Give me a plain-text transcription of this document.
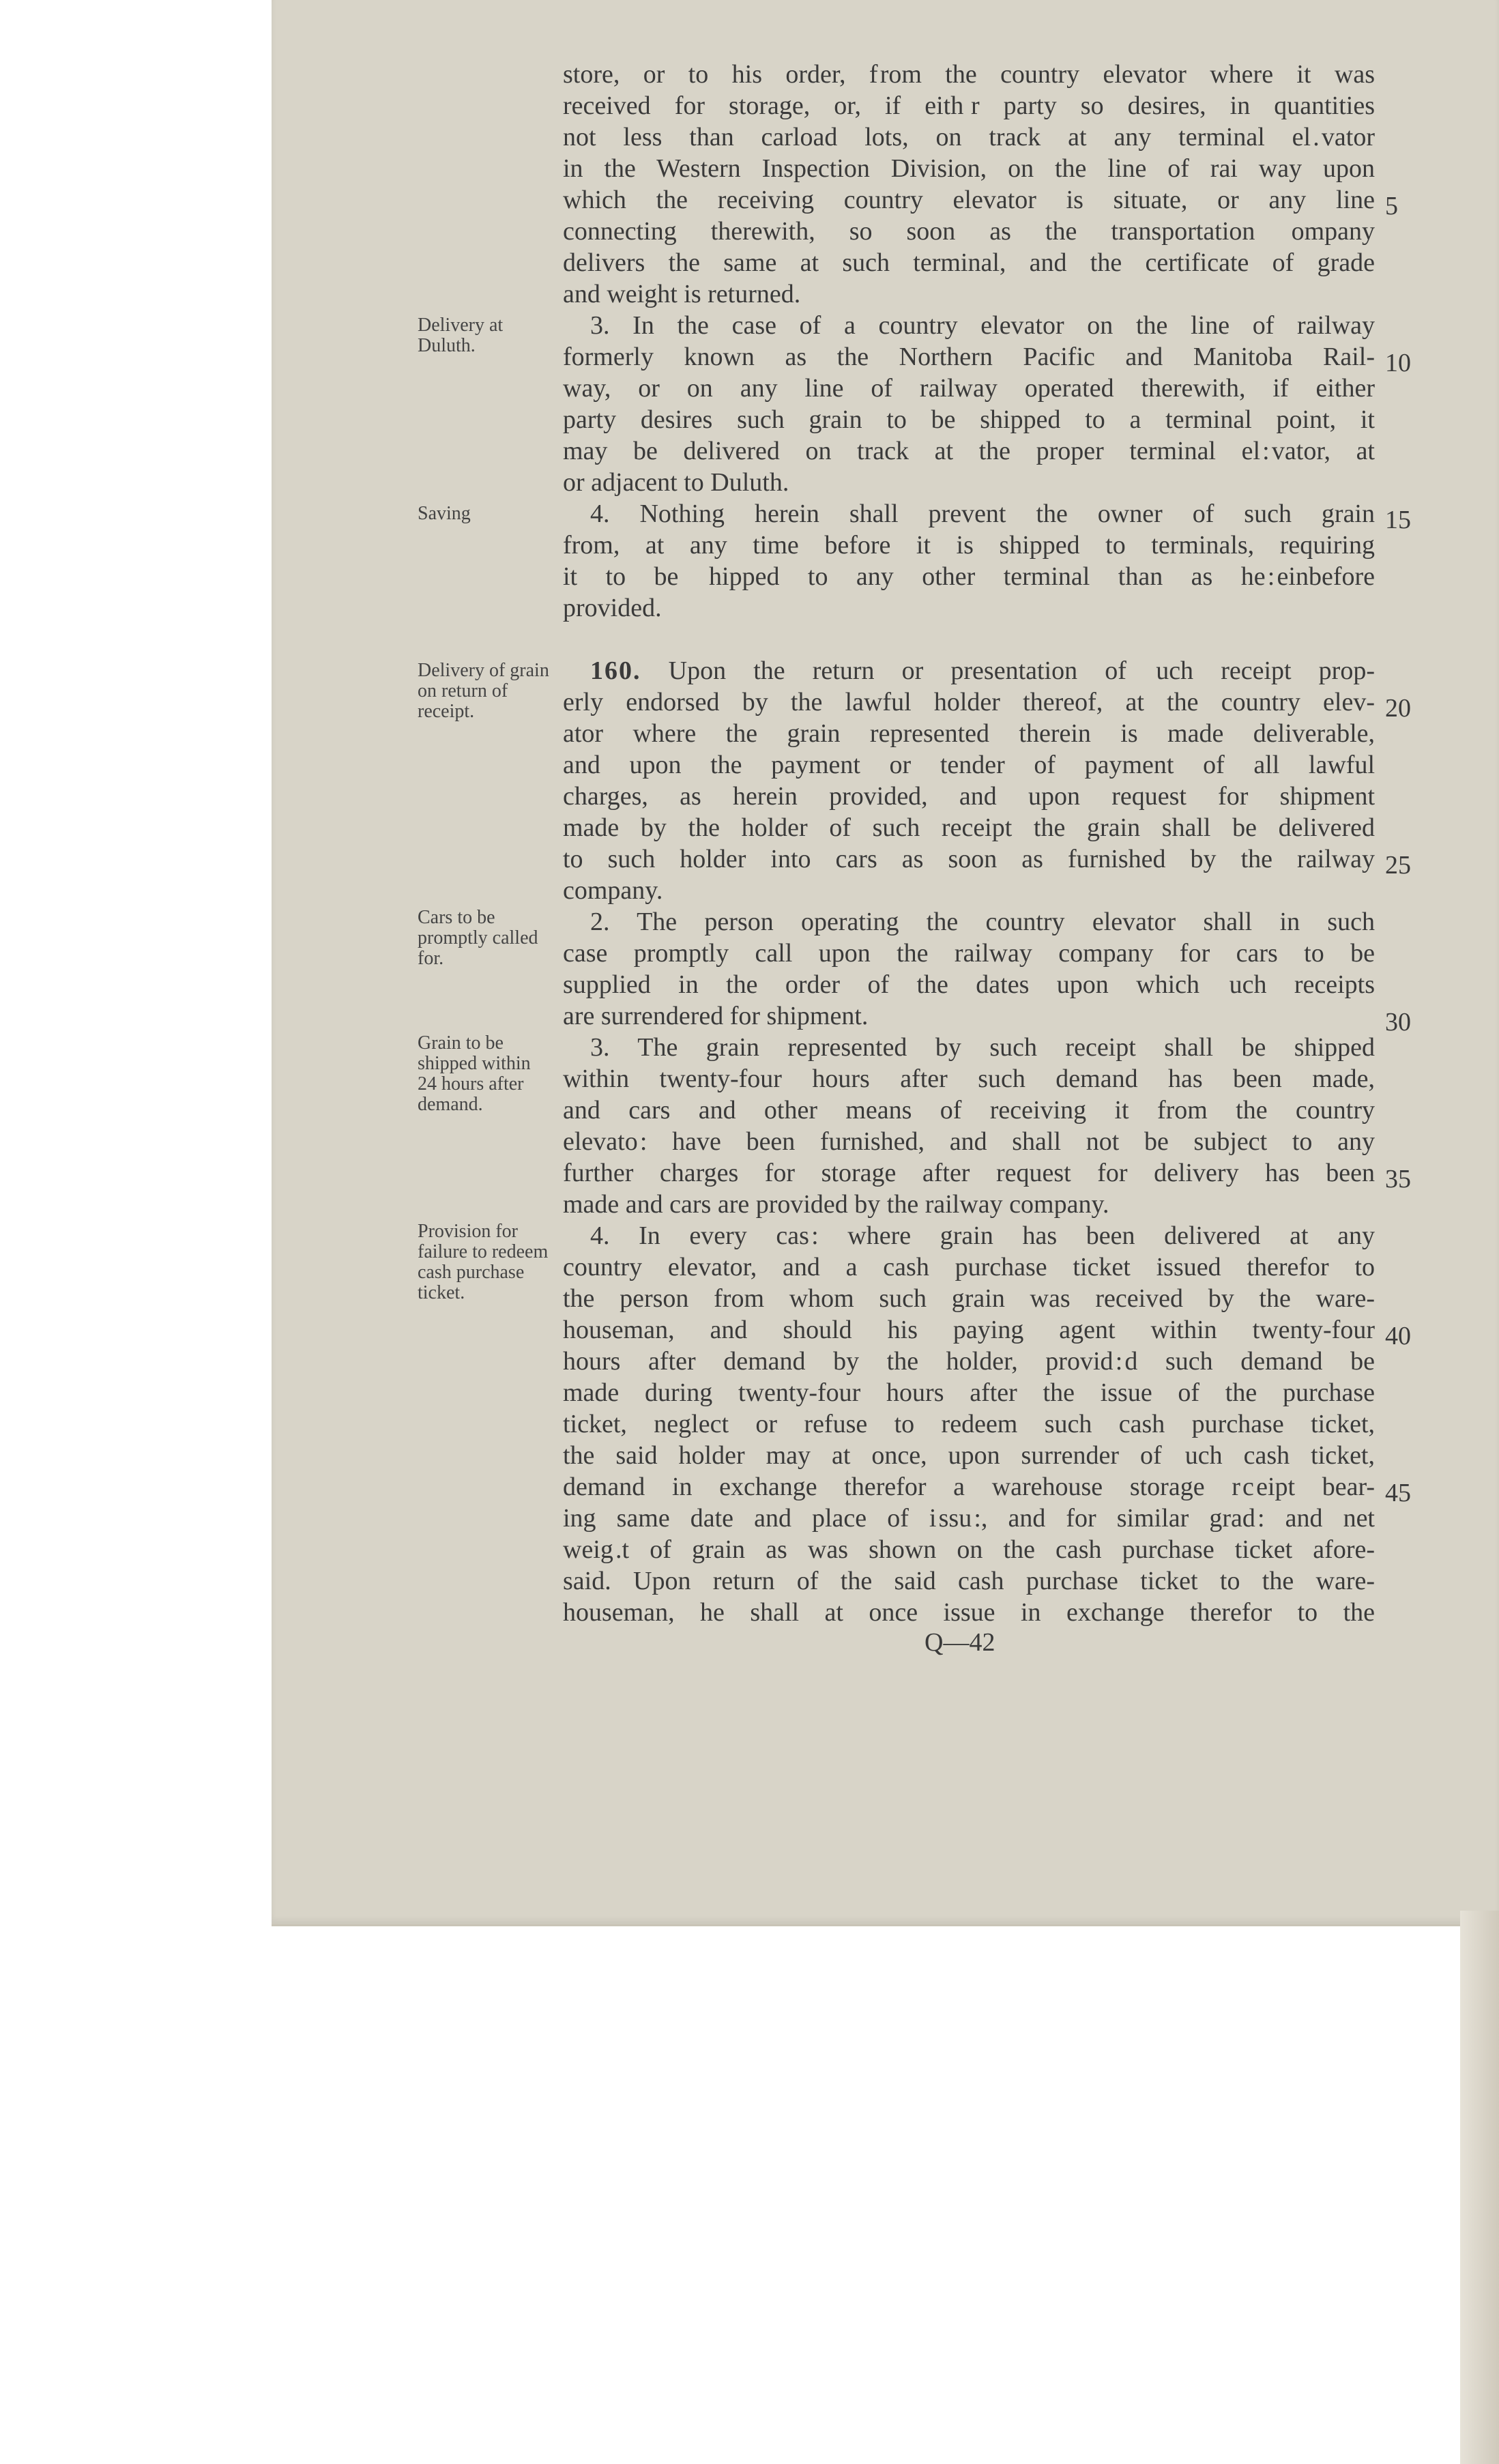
Delivery at Duluth.
Saving
Delivery of grain on return of receipt.
Cars to be promptly called for.
Grain to be shipped within 24 hours after demand.
Provision for failure to redeem cash purchase ticket.
store, or to his order, f rom the country elevator where it was
received for storage, or, if eith  r party so desires, in quantities
not less than carload lots, on track at any terminal el . vator
in the Western Inspection Division, on the line of rai way upon
which the receiving country elevator is situate, or any line
connecting therewith, so soon as the transportation  ompany
delivers the same at such terminal, and the certificate of grade
and weight is returned.
3. In the case of a country elevator on the line of railway
formerly known as the Northern Pacific and Manitoba Rail-
way, or on any line of railway operated therewith, if either
party desires such grain to be shipped to a terminal point, it
may be delivered on track at the proper terminal el : vator, at
or adjacent to Duluth.
4. Nothing herein shall prevent the owner of such grain
from, at any time before it is shipped to terminals, requiring
it to be  hipped to any other terminal than as he : einbefore
provided.
160. Upon the return or presentation of  uch receipt prop-
erly endorsed by the lawful holder thereof, at the country elev-
ator where the grain represented therein is made deliverable,
and upon the payment or tender of payment of all lawful
charges, as herein provided, and upon request for shipment
made by the holder of such receipt the grain shall be delivered
to such holder into cars as soon as furnished by the railway
company.
2. The person operating the country elevator shall in such
case promptly call upon the railway company for cars to be
supplied in the order of the dates upon which  uch receipts
are surrendered for shipment.
3. The grain represented by such receipt shall be shipped
within twenty-four hours after such demand has been made,
and cars and other means of receiving it from the country
elevato : have been furnished, and shall not be subject to any
further charges for storage after request for delivery has been
made and cars are provided by the railway company.
4. In every cas : where grain has been delivered at any
country elevator, and a cash purchase ticket issued therefor to
the person from whom such grain was received by the ware-
houseman, and should his paying agent within twenty-four
hours after demand by the holder, provid : d such demand be
made during twenty-four hours after the issue of the purchase
ticket, neglect or refuse to redeem such cash purchase ticket,
the said holder may at once, upon surrender of  uch cash ticket,
demand in exchange therefor a warehouse storage r c eipt bear-
ing same date and place of i ssu :, and for similar grad : and net
weig .t of grain as was shown on the cash purchase ticket afore-
said. Upon return of the said cash purchase ticket to the ware-
houseman, he shall at once issue in exchange therefor to the
5
10
15
20
25
30
35
40
45
Q—42
